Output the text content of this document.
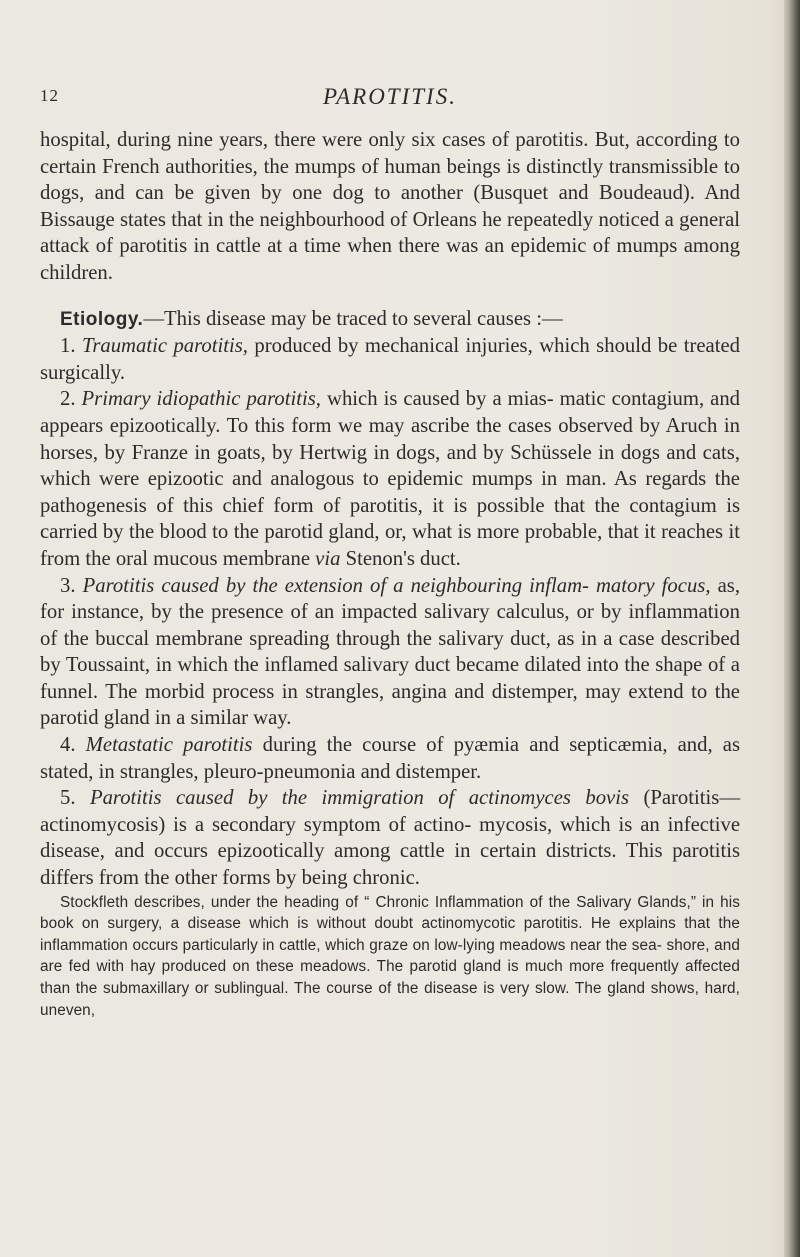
12	PAROTITIS.

hospital, during nine years, there were only six cases of parotitis. But, according to certain French authorities, the mumps of human beings is distinctly transmissible to dogs, and can be given by one dog to another (Busquet and Boudeaud). And Bissauge states that in the neighbourhood of Orleans he repeatedly noticed a general attack of parotitis in cattle at a time when there was an epidemic of mumps among children.

Etiology.—This disease may be traced to several causes :—

1. Traumatic parotitis, produced by mechanical injuries, which should be treated surgically.

2. Primary idiopathic parotitis, which is caused by a mias- matic contagium, and appears epizootically. To this form we may ascribe the cases observed by Aruch in horses, by Franze in goats, by Hertwig in dogs, and by Schüssele in dogs and cats, which were epizootic and analogous to epidemic mumps in man. As regards the pathogenesis of this chief form of parotitis, it is possible that the contagium is carried by the blood to the parotid gland, or, what is more probable, that it reaches it from the oral mucous membrane via Stenon's duct.

3. Parotitis caused by the extension of a neighbouring inflam- matory focus, as, for instance, by the presence of an impacted salivary calculus, or by inflammation of the buccal membrane spreading through the salivary duct, as in a case described by Toussaint, in which the inflamed salivary duct became dilated into the shape of a funnel. The morbid process in strangles, angina and distemper, may extend to the parotid gland in a similar way.

4. Metastatic parotitis during the course of pyæmia and septicæmia, and, as stated, in strangles, pleuro-pneumonia and distemper.

5. Parotitis caused by the immigration of actinomyces bovis (Parotitis—actinomycosis) is a secondary symptom of actino- mycosis, which is an infective disease, and occurs epizootically among cattle in certain districts. This parotitis differs from the other forms by being chronic.

Stockfleth describes, under the heading of “ Chronic Inflammation of the Salivary Glands,” in his book on surgery, a disease which is without doubt actinomycotic parotitis. He explains that the inflammation occurs particularly in cattle, which graze on low-lying meadows near the sea- shore, and are fed with hay produced on these meadows. The parotid gland is much more frequently affected than the submaxillary or sublingual. The course of the disease is very slow. The gland shows, hard, uneven,
